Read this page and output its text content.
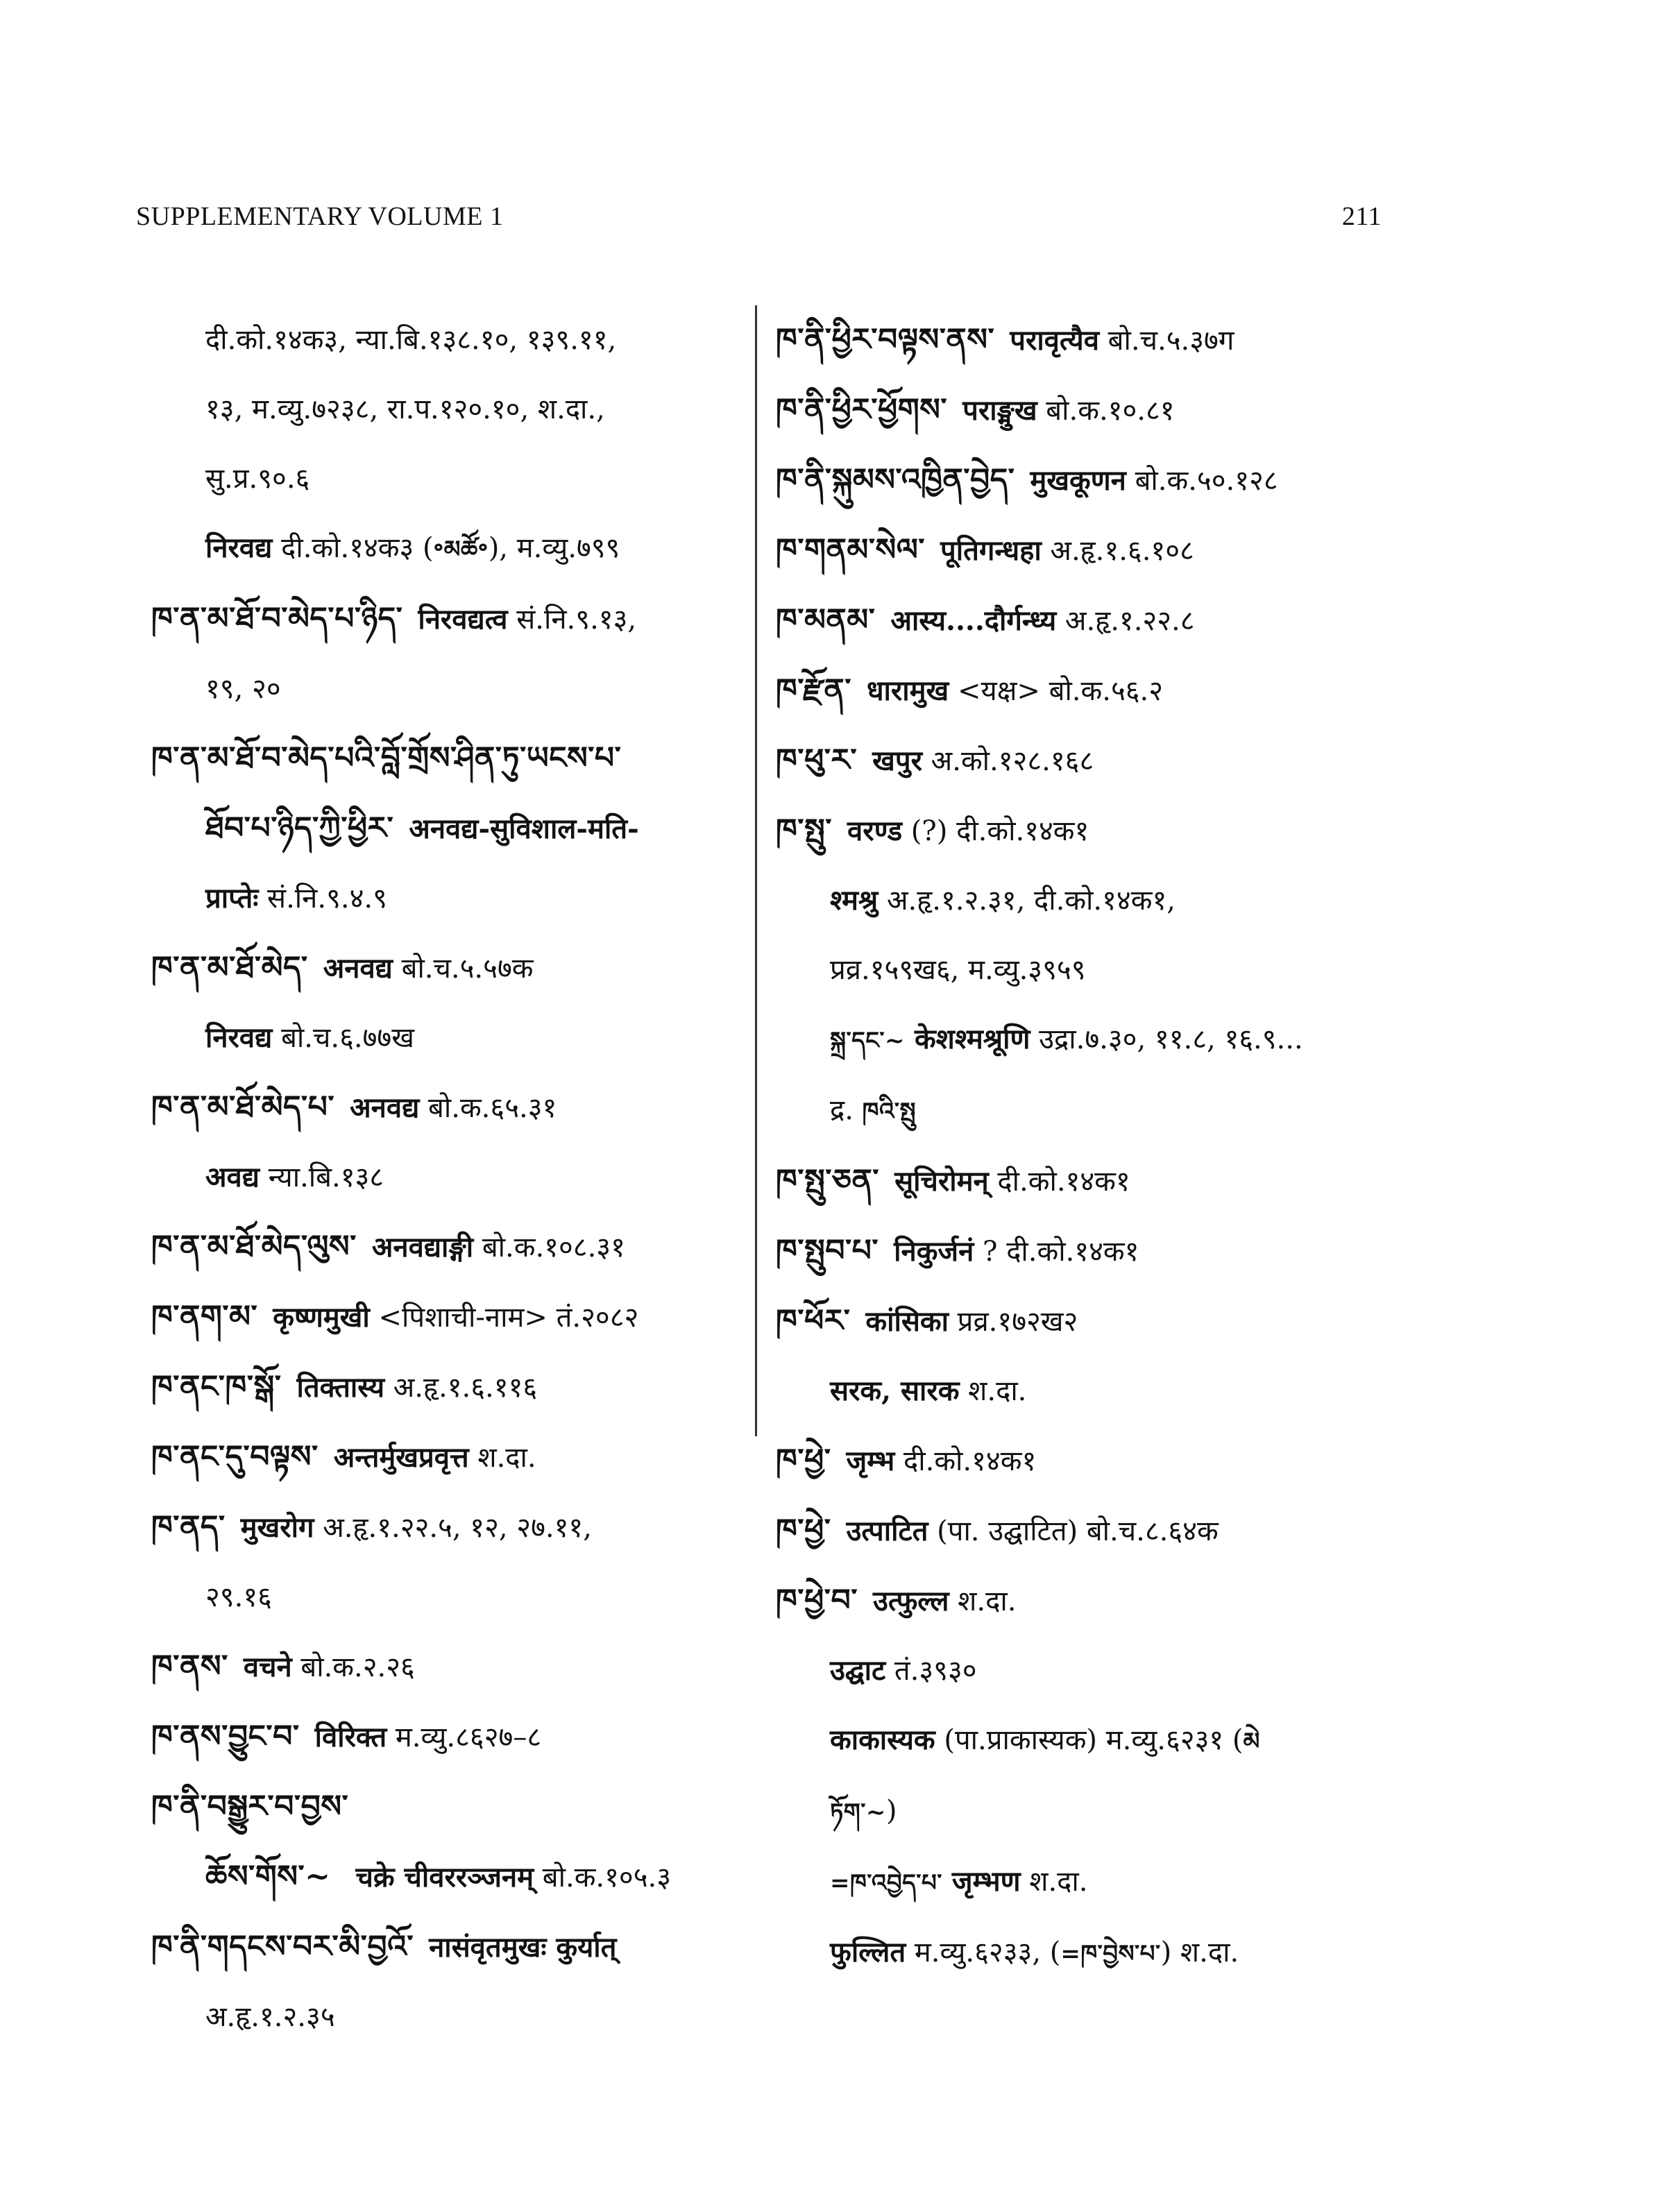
SUPPLEMENTARY VOLUME 1	211
दी.को.१४क३, न्या.बि.१३८.१०, १३९.११,
१३, म.व्यु.७२३८, रा.प.१२०.१०, श.दा.,
सु.प्र.९०.६
निरवद्य दी.को.१४क३ (॰མཚོ॰), म.व्यु.७९९
ཁ་ན་མ་ཐོ་བ་མེད་པ་ཉིད་ निरवद्यत्व सं.नि.९.१३,
१९, २०
ཁ་ན་མ་ཐོ་བ་མེད་པའི་བློ་གྲོས་ཤིན་ཏུ་ཡངས་པ་
ཐོབ་པ་ཉིད་ཀྱི་ཕྱིར་ अनवद्य-सुविशाल-मति-
प्राप्तेः सं.नि.९.४.९
ཁ་ན་མ་ཐོ་མེད་ अनवद्य बो.च.५.५७क
निरवद्य बो.च.६.७७ख
ཁ་ན་མ་ཐོ་མེད་པ་ अनवद्य बो.क.६५.३१
अवद्य न्या.बि.१३८
ཁ་ན་མ་ཐོ་མེད་ལུས་ अनवद्याङ्गी बो.क.१०८.३१
ཁ་ནག་མ་ कृष्णमुखी <पिशाची-नाम> तं.२०८२
ཁ་ནང་ཁ་སྒོ་ तिक्तास्य अ.हृ.१.६.११६
ཁ་ནང་དུ་བལྟས་ अन्तर्मुखप्रवृत्त श.दा.
ཁ་ནད་ मुखरोग अ.हृ.१.२२.५, १२, २७.११,
२९.१६
ཁ་ནས་ वचने बो.क.२.२६
ཁ་ནས་བྱུང་བ་ विरिक्त म.व्यु.८६२७–८
ཁ་ནི་བསྒྱུར་བ་བྱས་
ཆོས་གོས་~ चक्रे चीवररञ्जनम् बो.क.१०५.३
ཁ་ནི་གདངས་བར་མི་བྱའོ་ नासंवृतमुखः कुर्यात्
अ.हृ.१.२.३५
ཁ་ནི་ཕྱིར་བལྟས་ནས་ परावृत्यैव बो.च.५.३७ग
ཁ་ནི་ཕྱིར་ཕྱོགས་ पराङ्मुख बो.क.१०.८१
ཁ་ནི་སྐུམས་འཁྱིན་བྱེད་ मुखकूणन बो.क.५०.१२८
ཁ་གནམ་སེལ་ पूतिगन्धहा अ.हृ.१.६.१०८
ཁ་མནམ་ आस्य....दौर्गन्ध्य अ.हृ.१.२२.८
ཁ་རྫོན་ धारामुख <यक्ष> बो.क.५६.२
ཁ་ཕུ་ར་ खपुर अ.को.१२८.१६८
ཁ་སྤུ་ वरण्ड (?) दी.को.१४क१
श्मश्रु अ.हृ.१.२.३१, दी.को.१४क१,
प्रव्र.१५९ख६, म.व्यु.३९५९
སྐྲ་དང་~ केशश्मश्रूणि उद्रा.७.३०, ११.८, १६.९...
द्र. ཁའི་སྤུ
ཁ་སྤུ་ཅན་ सूचिरोमन् दी.को.१४क१
ཁ་སྤུབ་པ་ निकुर्जनं ? दी.को.१४क१
ཁ་ཕོར་ कांसिका प्रव्र.१७२ख२
सरक, सारक श.दा.
ཁ་ཕྱེ་ जृम्भ दी.को.१४क१
ཁ་ཕྱེ་ उत्पाटित (पा. उद्घाटित) बो.च.८.६४क
ཁ་ཕྱེ་བ་ उत्फुल्ल श.दा.
उद्घाट तं.३९३०
काकास्यक (पा.प्राकास्यक) म.व्यु.६२३१ (མེ
ཏོག་~)
=ཁ་འབྱེད་པ་ जृम्भण श.दा.
फुल्लित म.व्यु.६२३३, (=ཁ་བྱེས་པ་) श.दा.
